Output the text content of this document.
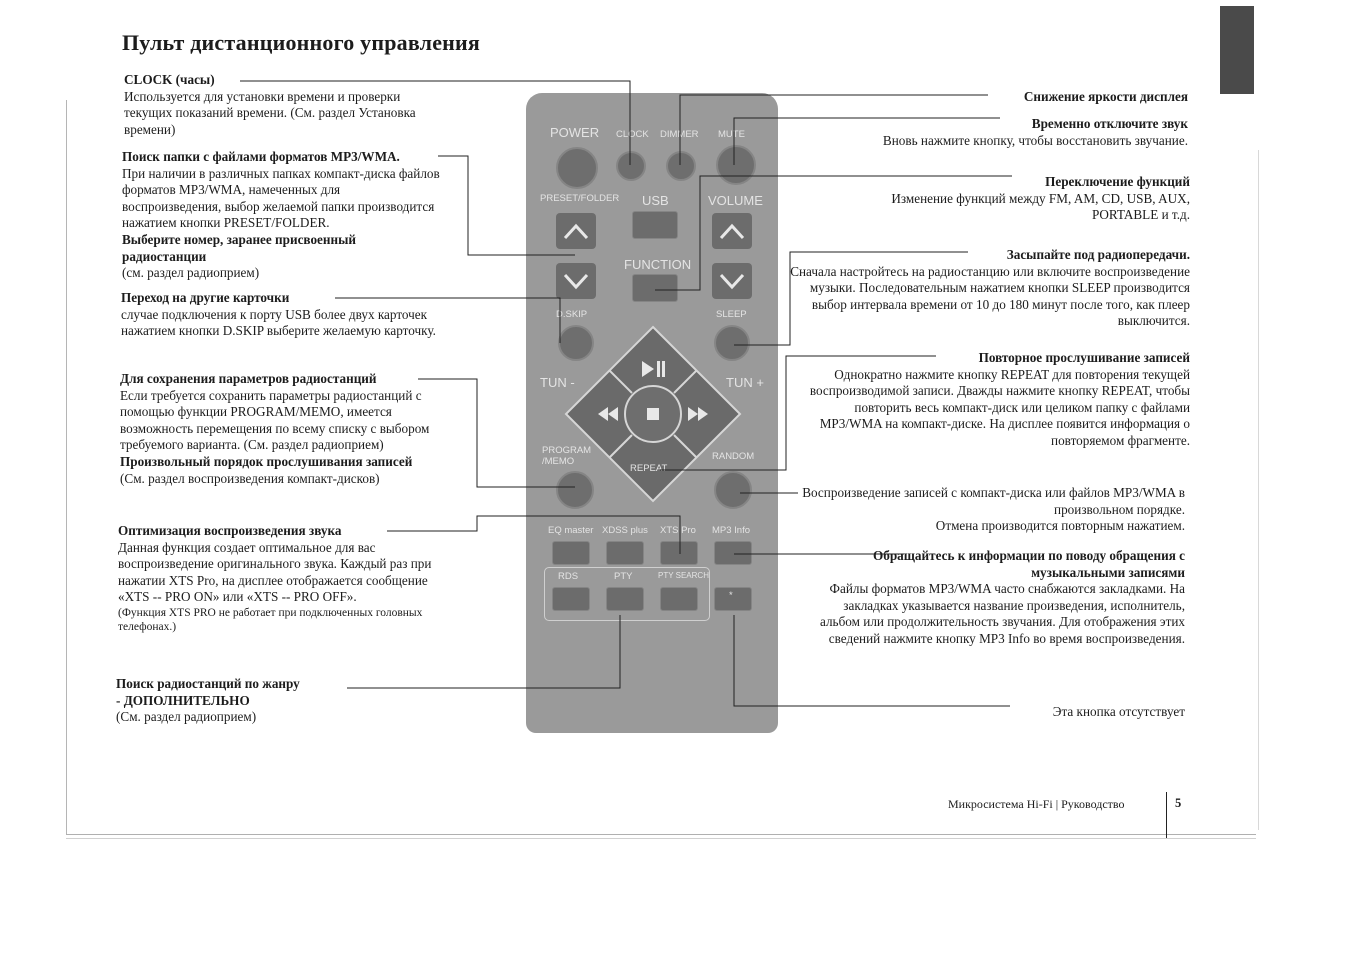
Пульт дистанционного управления
CLOCK (часы)

Используется для установки времени и проверки текущих показаний времени. (См. раздел Установка времени)

Поиск папки с файлами форматов MP3/WMA.

При наличии в различных папках компакт-диска файлов форматов MP3/WMA, намеченных для воспроизведения, выбор желаемой папки производится нажатием кнопки PRESET/FOLDER.

Выберите номер, заранее присвоенный радиостанции

(см. раздел радиоприем)

Переход на другие карточки

случае подключения к порту USB более двух карточек нажатием кнопки D.SKIP выберите желаемую карточку.

Для сохранения параметров радиостанций

Если требуется сохранить параметры радиостанций с помощью функции PROGRAM/MEMO, имеется возможность перемещения по всему списку с выбором требуемого варианта. (См. раздел радиоприем)

Произвольный порядок прослушивания записей

(См. раздел воспроизведения компакт-дисков)

Оптимизация воспроизведения звука

Данная функция создает оптимальное для вас воспроизведение оригинального звука. Каждый раз при нажатии XTS Pro, на дисплее отображается сообщение «XTS -- PRO ON» или «XTS -- PRO OFF».

(Функция XTS PRO не работает при подключенных головных телефонах.)

Поиск радиостанций по жанру
- ДОПОЛНИТЕЛЬНО

(См. раздел радиоприем)

Снижение яркости дисплея
Временно отключите звук

Вновь нажмите кнопку, чтобы восстановить звучание.

Переключение функций

Изменение функций между FM, AM, CD, USB, AUX, PORTABLE и т.д.

Засыпайте под радиопередачи.

Сначала настройтесь на радиостанцию или включите воспроизведение музыки. Последовательным нажатием кнопки SLEEP производится выбор интервала времени от 10 до 180 минут после того, как плеер выключится.

Повторное прослушивание записей

Однократно нажмите кнопку REPEAT для повторения текущей воспроизводимой записи. Дважды нажмите кнопку REPEAT, чтобы повторить весь компакт-диск или целиком папку с файлами MP3/WMA на компакт-диске. На дисплее появится информация о повторяемом фрагменте.

Воспроизведение записей с компакт-диска или файлов MP3/WMA в произвольном порядке.

Отмена производится повторным нажатием.

Обращайтесь к информации по поводу обращения с музыкальными записями

Файлы форматов MP3/WMA часто снабжаются закладками. На закладках указывается название произведения, исполнитель, альбом или продолжительность звучания. Для отображения этих сведений нажмите кнопку MP3 Info во время воспроизведения.

Эта кнопка отсутствует

POWER CLOCK DIMMER MUTE
PRESET/FOLDER USB	VOLUME
FUNCTION
D.SKIP	SLEEP
TUN -	TUN +
REPEAT
PROGRAM
/MEMO	RANDOM
EQ master XDSS plus XTS Pro MP3 Info
RDS	PTY	PTY SEARCH
*
Микросистема Hi-Fi | Руководство	5
